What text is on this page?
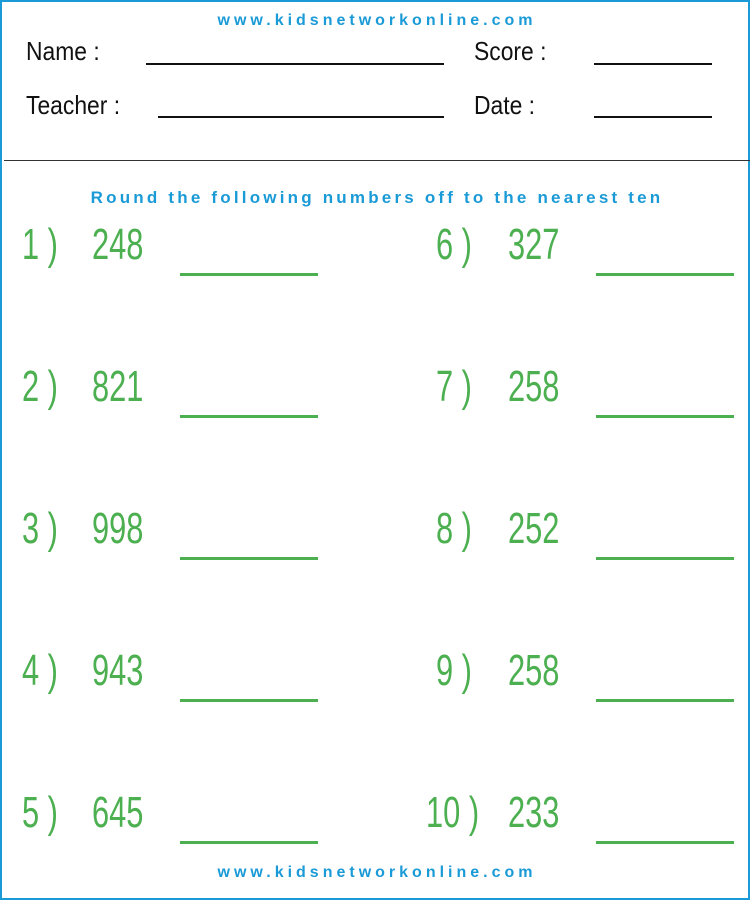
www.kidsnetworkonline.com
Name :	Score :
Teacher :	Date :
Round the following numbers off to the nearest ten
1 ) 248
2 ) 821
3 ) 998
4 ) 943
5 ) 645
6 ) 327
7 ) 258
8 ) 252
9 ) 258
10 ) 233
www.kidsnetworkonline.com
